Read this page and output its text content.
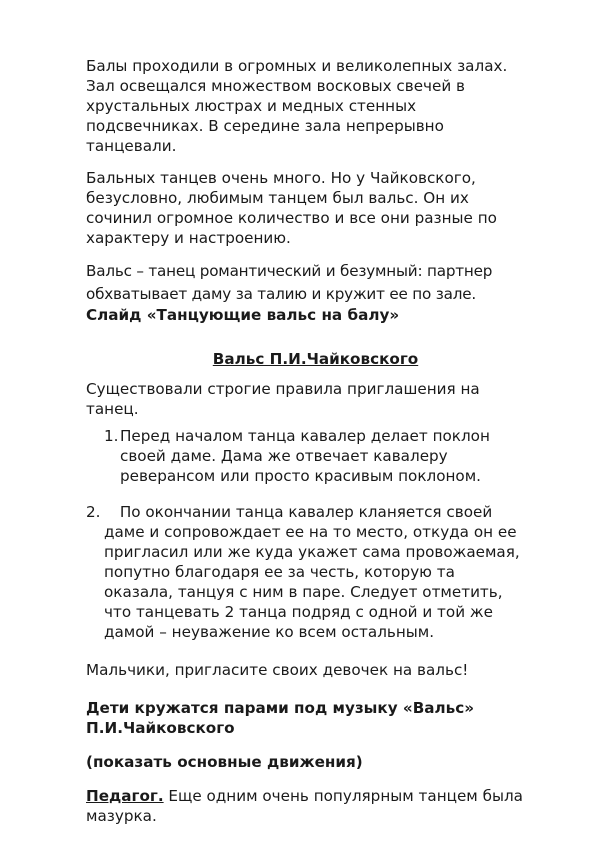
Балы проходили в огромных и великолепных залах. Зал освещался множеством восковых свечей в хрустальных люстрах и медных стенных подсвечниках. В середине зала непрерывно танцевали.

Бальных танцев очень много. Но у Чайковского, безусловно, любимым танцем был вальс. Он их сочинил огромное количество и все они разные по характеру и настроению.

Вальс – танец романтический и безумный: партнер обхватывает даму за талию и кружит ее по зале.

Слайд «Танцующие вальс на балу»

Вальс П.И.Чайковского

Существовали строгие правила приглашения на танец.

1. Перед началом танца кавалер делает поклон своей даме. Дама же отвечает кавалеру реверансом или просто красивым поклоном.

2. По окончании танца кавалер кланяется своей даме и сопровождает ее на то место, откуда он ее пригласил или же куда укажет сама провожаемая, попутно благодаря ее за честь, которую та оказала, танцуя с ним в паре. Следует отметить, что танцевать 2 танца подряд с одной и той же дамой – неуважение ко всем остальным.

Мальчики, пригласите своих девочек на вальс!

Дети кружатся парами под музыку «Вальс» П.И.Чайковского

(показать основные движения)

Педагог. Еще одним очень популярным танцем была мазурка.
